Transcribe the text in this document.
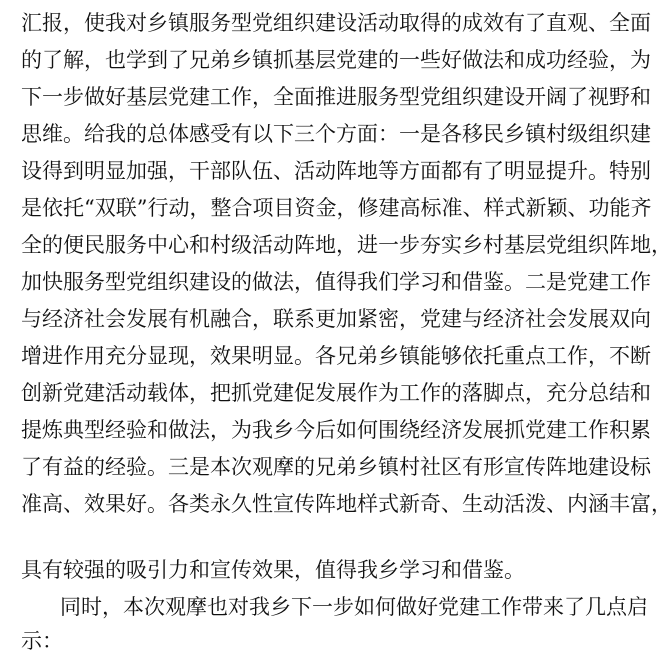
汇报，使我对乡镇服务型党组织建设活动取得的成效有了直观、全面
的了解，也学到了兄弟乡镇抓基层党建的一些好做法和成功经验，为
下一步做好基层党建工作，全面推进服务型党组织建设开阔了视野和
思维。给我的总体感受有以下三个方面：一是各移民乡镇村级组织建
设得到明显加强，干部队伍、活动阵地等方面都有了明显提升。特别
是依托“双联”行动，整合项目资金，修建高标准、样式新颖、功能齐
全的便民服务中心和村级活动阵地，进一步夯实乡村基层党组织阵地，
加快服务型党组织建设的做法，值得我们学习和借鉴。二是党建工作
与经济社会发展有机融合，联系更加紧密，党建与经济社会发展双向
增进作用充分显现，效果明显。各兄弟乡镇能够依托重点工作，不断
创新党建活动载体，把抓党建促发展作为工作的落脚点，充分总结和
提炼典型经验和做法，为我乡今后如何围绕经济发展抓党建工作积累
了有益的经验。三是本次观摩的兄弟乡镇村社区有形宣传阵地建设标
准高、效果好。各类永久性宣传阵地样式新奇、生动活泼、内涵丰富，
具有较强的吸引力和宣传效果，值得我乡学习和借鉴。
同时，本次观摩也对我乡下一步如何做好党建工作带来了几点启
示：
